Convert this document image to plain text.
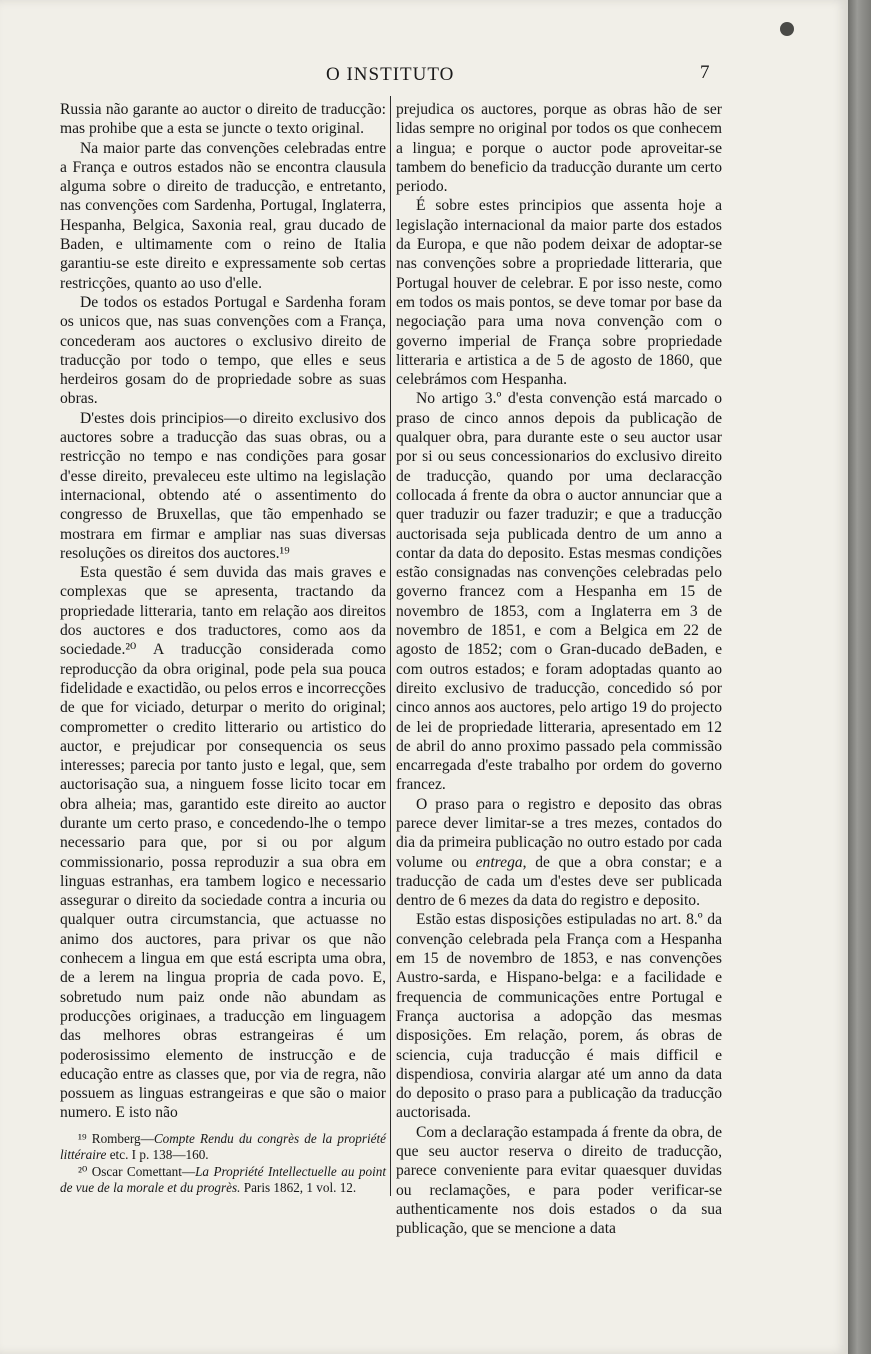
O INSTITUTO	7

Russia não garante ao auctor o direito de traducção: mas prohibe que a esta se juncte o texto original.

Na maior parte das convenções celebradas entre a França e outros estados não se encontra clausula alguma sobre o direito de traducção, e entretanto, nas convenções com Sardenha, Portugal, Inglaterra, Hespanha, Belgica, Saxonia real, grau ducado de Baden, e ultimamente com o reino de Italia garantiu-se este direito e expressamente sob certas restricções, quanto ao uso d'elle.

De todos os estados Portugal e Sardenha foram os unicos que, nas suas convenções com a França, concederam aos auctores o exclusivo direito de traducção por todo o tempo, que elles e seus herdeiros gosam do de propriedade sobre as suas obras.

D'estes dois principios—o direito exclusivo dos auctores sobre a traducção das suas obras, ou a restricção no tempo e nas condições para gosar d'esse direito, prevaleceu este ultimo na legislação internacional, obtendo até o assentimento do congresso de Bruxellas, que tão empenhado se mostrara em firmar e ampliar nas suas diversas resoluções os direitos dos auctores.¹⁹

Esta questão é sem duvida das mais graves e complexas que se apresenta, tractando da propriedade litteraria, tanto em relação aos direitos dos auctores e dos traductores, como aos da sociedade.²⁰ A traducção considerada como reproducção da obra original, pode pela sua pouca fidelidade e exactidão, ou pelos erros e incorrecções de que for viciado, deturpar o merito do original; comprometter o credito litterario ou artistico do auctor, e prejudicar por consequencia os seus interesses; parecia por tanto justo e legal, que, sem auctorisação sua, a ninguem fosse licito tocar em obra alheia; mas, garantido este direito ao auctor durante um certo praso, e concedendo-lhe o tempo necessario para que, por si ou por algum commissionario, possa reproduzir a sua obra em linguas estranhas, era tambem logico e necessario assegurar o direito da sociedade contra a incuria ou qualquer outra circumstancia, que actuasse no animo dos auctores, para privar os que não conhecem a lingua em que está escripta uma obra, de a lerem na lingua propria de cada povo. E, sobretudo num paiz onde não abundam as producções originaes, a traducção em linguagem das melhores obras estrangeiras é um poderosissimo elemento de instrucção e de educação entre as classes que, por via de regra, não possuem as linguas estrangeiras e que são o maior numero. E isto não

¹⁹ Romberg—Compte Rendu du congrès de la propriété littéraire etc. I p. 138—160.

²⁰ Oscar Comettant—La Propriété Intellectuelle au point de vue de la morale et du progrès. Paris 1862, 1 vol. 12.

prejudica os auctores, porque as obras hão de ser lidas sempre no original por todos os que conhecem a lingua; e porque o auctor pode aproveitar-se tambem do beneficio da traducção durante um certo periodo.

É sobre estes principios que assenta hoje a legislação internacional da maior parte dos estados da Europa, e que não podem deixar de adoptar-se nas convenções sobre a propriedade litteraria, que Portugal houver de celebrar. E por isso neste, como em todos os mais pontos, se deve tomar por base da negociação para uma nova convenção com o governo imperial de França sobre propriedade litteraria e artistica a de 5 de agosto de 1860, que celebrámos com Hespanha.

No artigo 3.º d'esta convenção está marcado o praso de cinco annos depois da publicação de qualquer obra, para durante este o seu auctor usar por si ou seus concessionarios do exclusivo direito de traducção, quando por uma declaracção collocada á frente da obra o auctor annunciar que a quer traduzir ou fazer traduzir; e que a traducção auctorisada seja publicada dentro de um anno a contar da data do deposito. Estas mesmas condições estão consignadas nas convenções celebradas pelo governo francez com a Hespanha em 15 de novembro de 1853, com a Inglaterra em 3 de novembro de 1851, e com a Belgica em 22 de agosto de 1852; com o Gran-ducado deBaden, e com outros estados; e foram adoptadas quanto ao direito exclusivo de traducção, concedido só por cinco annos aos auctores, pelo artigo 19 do projecto de lei de propriedade litteraria, apresentado em 12 de abril do anno proximo passado pela commissão encarregada d'este trabalho por ordem do governo francez.

O praso para o registro e deposito das obras parece dever limitar-se a tres mezes, contados do dia da primeira publicação no outro estado por cada volume ou entrega, de que a obra constar; e a traducção de cada um d'estes deve ser publicada dentro de 6 mezes da data do registro e deposito.

Estão estas disposições estipuladas no art. 8.º da convenção celebrada pela França com a Hespanha em 15 de novembro de 1853, e nas convenções Austro-sarda, e Hispano-belga: e a facilidade e frequencia de communicações entre Portugal e França auctorisa a adopção das mesmas disposições. Em relação, porem, ás obras de sciencia, cuja traducção é mais difficil e dispendiosa, conviria alargar até um anno da data do deposito o praso para a publicação da traducção auctorisada.

Com a declaração estampada á frente da obra, de que seu auctor reserva o direito de traducção, parece conveniente para evitar quaesquer duvidas ou reclamações, e para poder verificar-se authenticamente nos dois estados o da sua publicação, que se mencione a data
